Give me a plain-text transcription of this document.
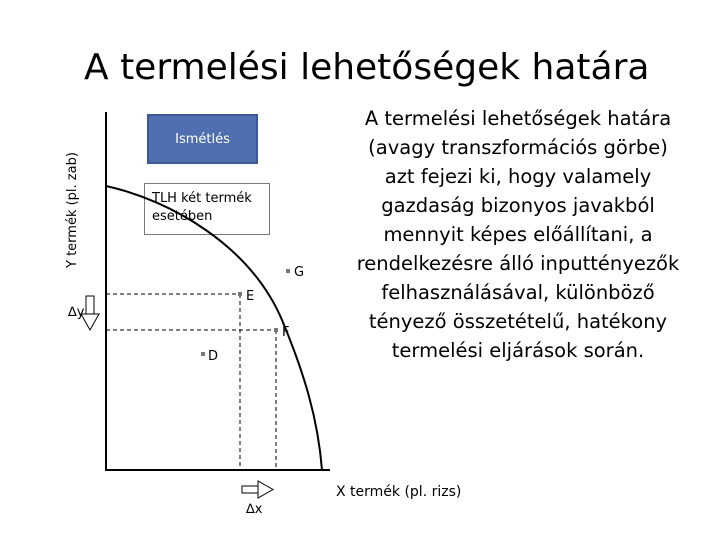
A termelési lehetőségek határa
Y termék (pl. zab)
Ismétlés
TLH két termék
esetében
∆y
∆x
G
E
F
D
A termelési lehetőségek határa
(avagy transzformációs görbe)
azt fejezi ki, hogy valamely
gazdaság bizonyos javakból
mennyit képes előállítani, a
rendelkezésre álló inputtényezők
felhasználásával, különböző
tényező összetételű, hatékony
termelési eljárások során.
X termék (pl. rizs)
